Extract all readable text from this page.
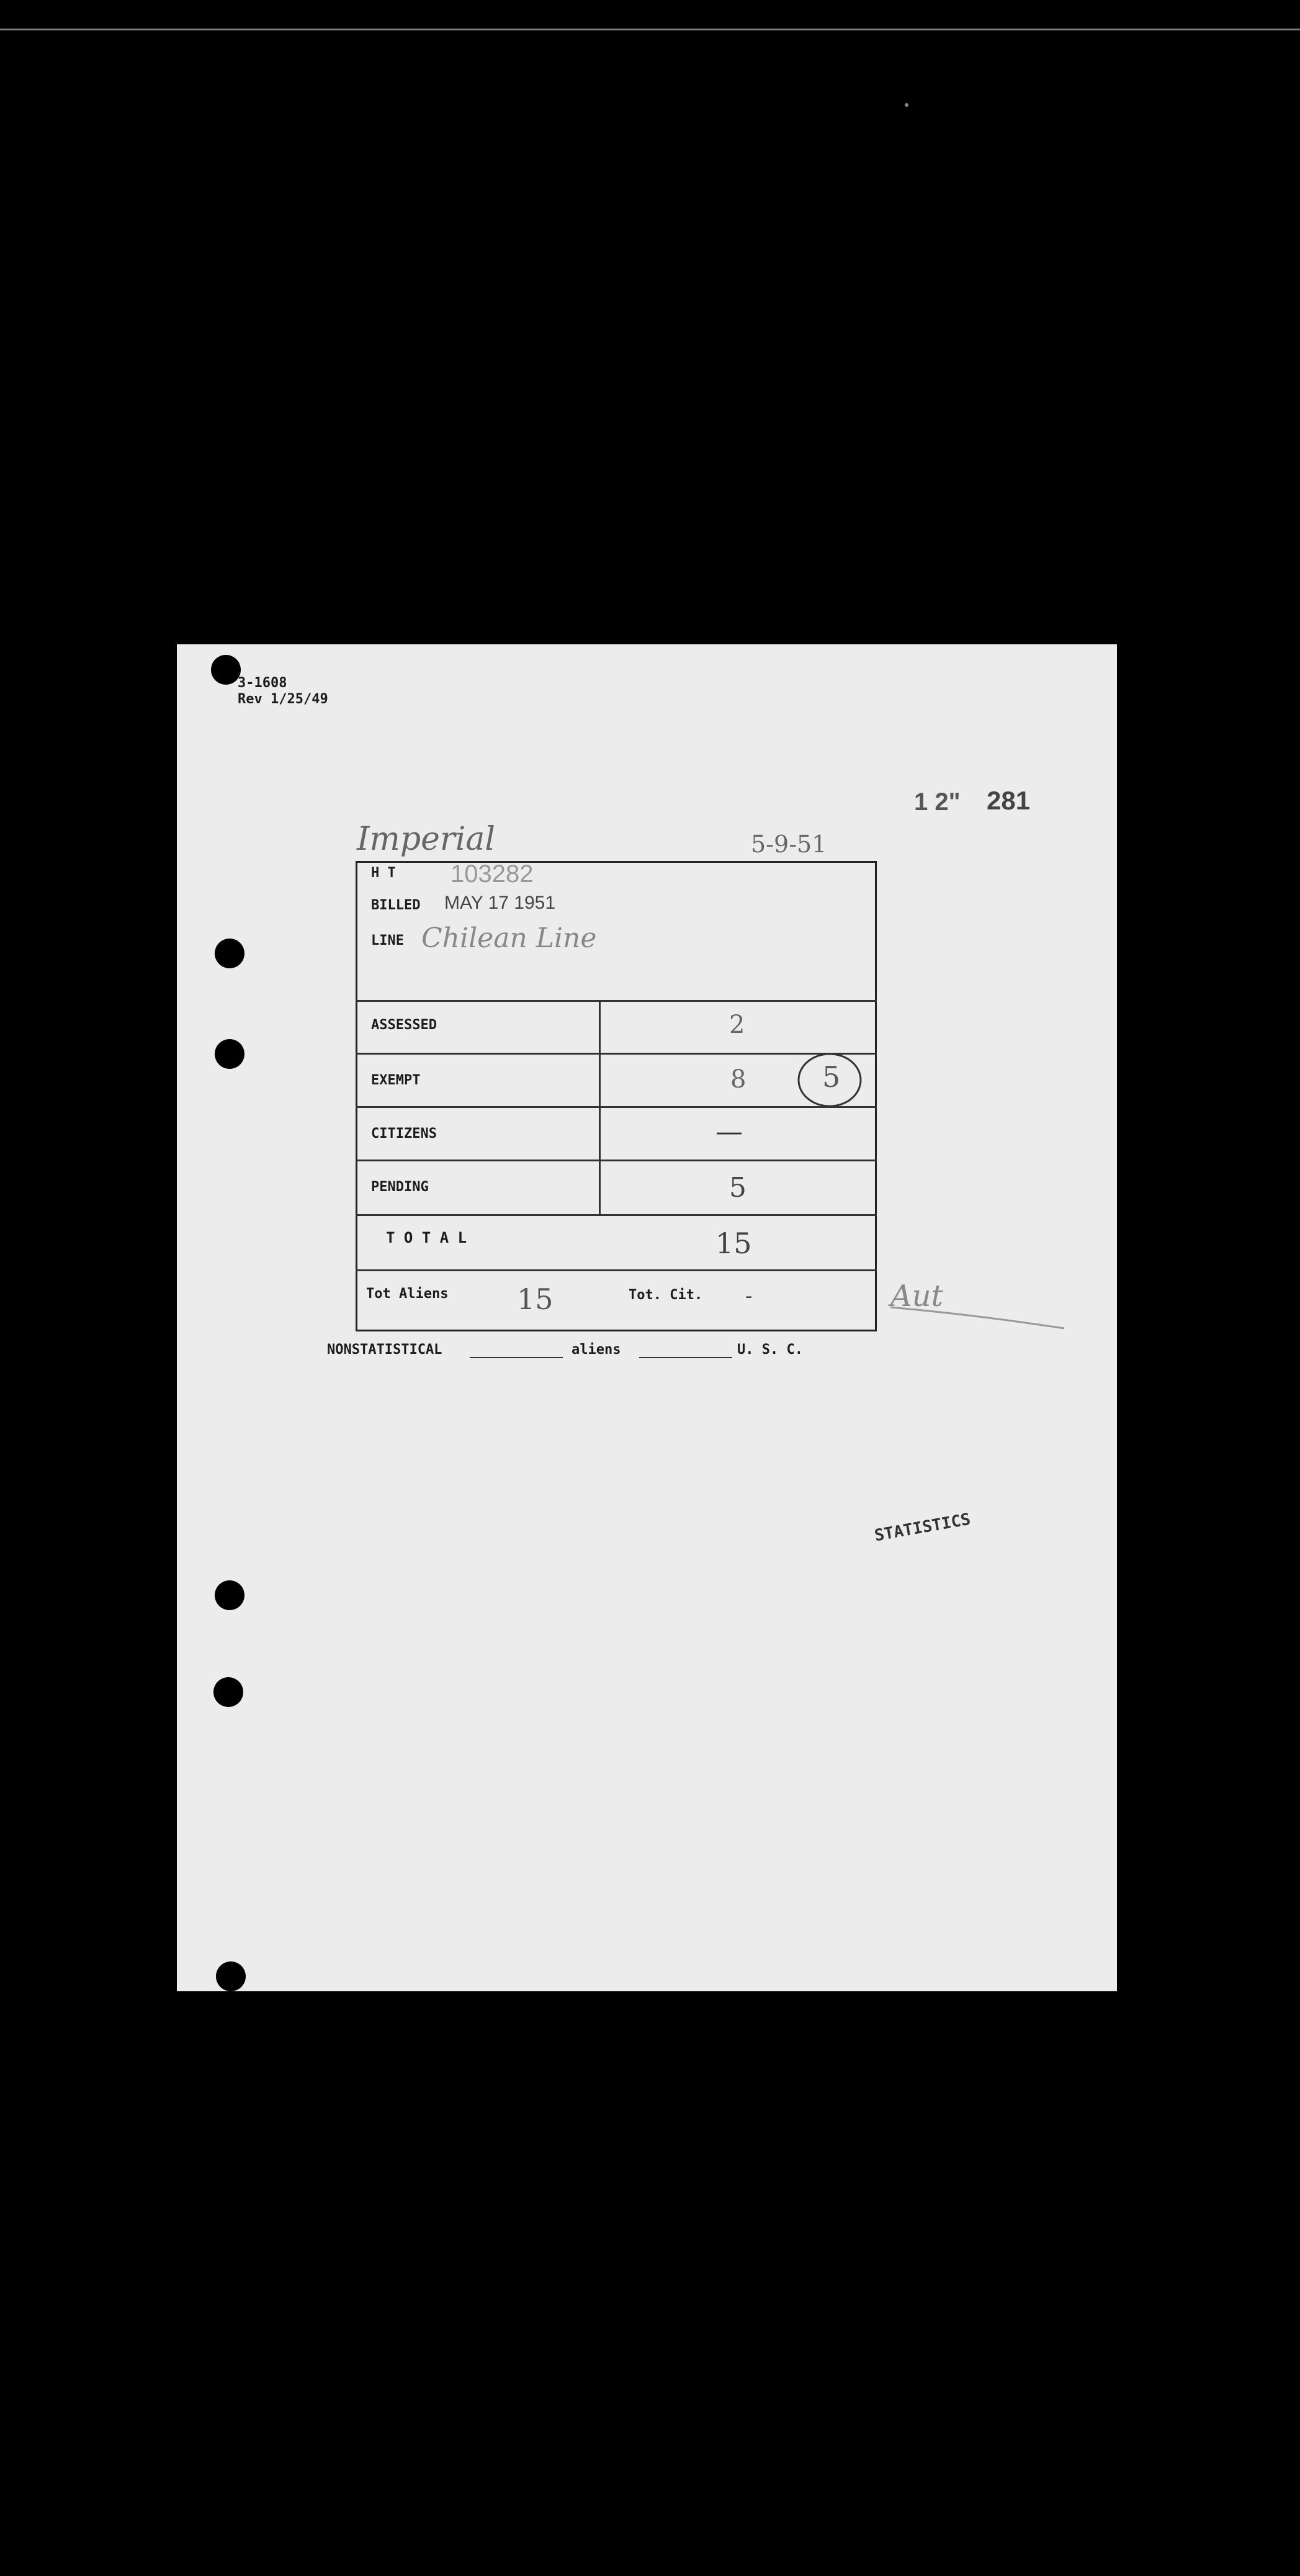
3-1608
Rev 1/25/49
1 2" 281
Imperial	5-9-51
H T 103282
BILLED MAY 17 1951
LINE Chilean Line
ASSESSED	2
EXEMPT	8	5
CITIZENS	—
PENDING	5
T O T A L	15
Tot Aliens 15	Tot. Cit. -	Aut
NONSTATISTICAL	aliens	U. S. C.
STATISTICS
